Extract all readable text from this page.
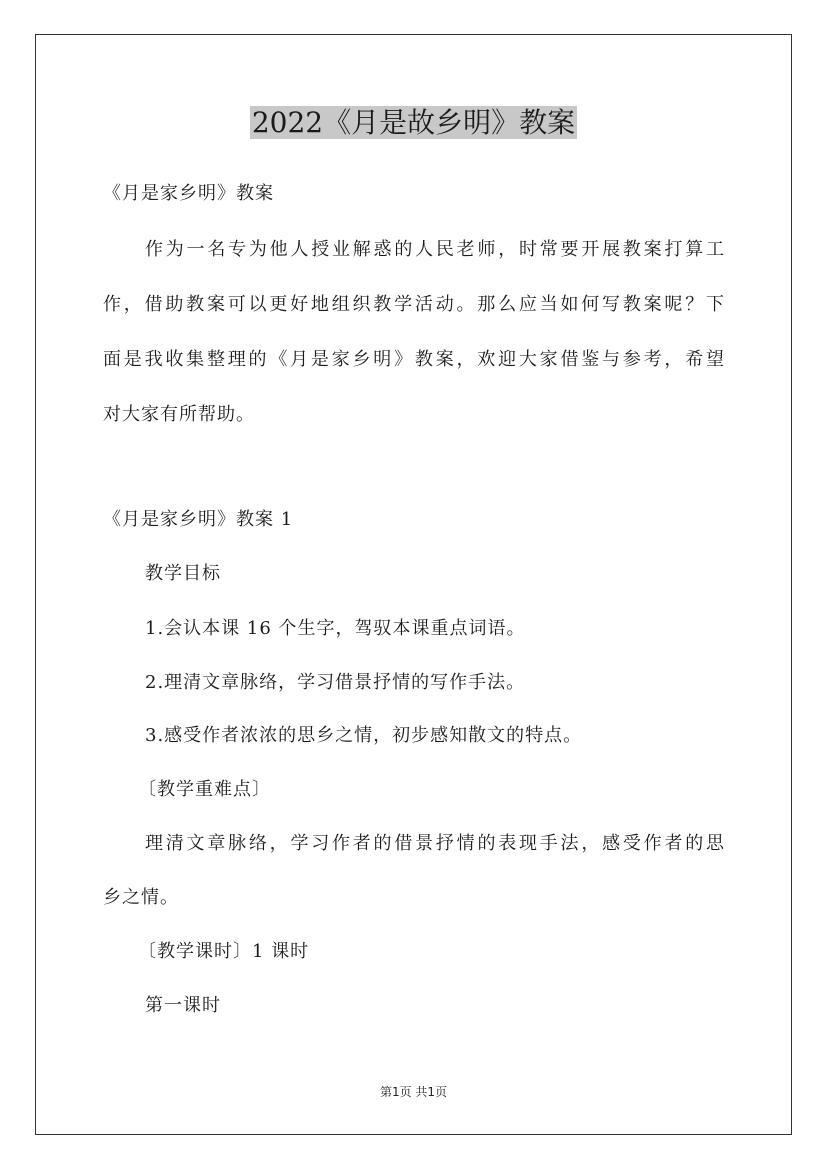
2022《月是故乡明》教案

《月是家乡明》教案

作为一名专为他人授业解惑的人民老师，时常要开展教案打算工

作，借助教案可以更好地组织教学活动。那么应当如何写教案呢？下

面是我收集整理的《月是家乡明》教案，欢迎大家借鉴与参考，希望

对大家有所帮助。

《月是家乡明》教案 1

教学目标

1.会认本课 16 个生字，驾驭本课重点词语。

2.理清文章脉络，学习借景抒情的写作手法。

3.感受作者浓浓的思乡之情，初步感知散文的特点。

〔教学重难点〕

理清文章脉络，学习作者的借景抒情的表现手法，感受作者的思

乡之情。

〔教学课时〕1 课时

第一课时

第1页 共1页
